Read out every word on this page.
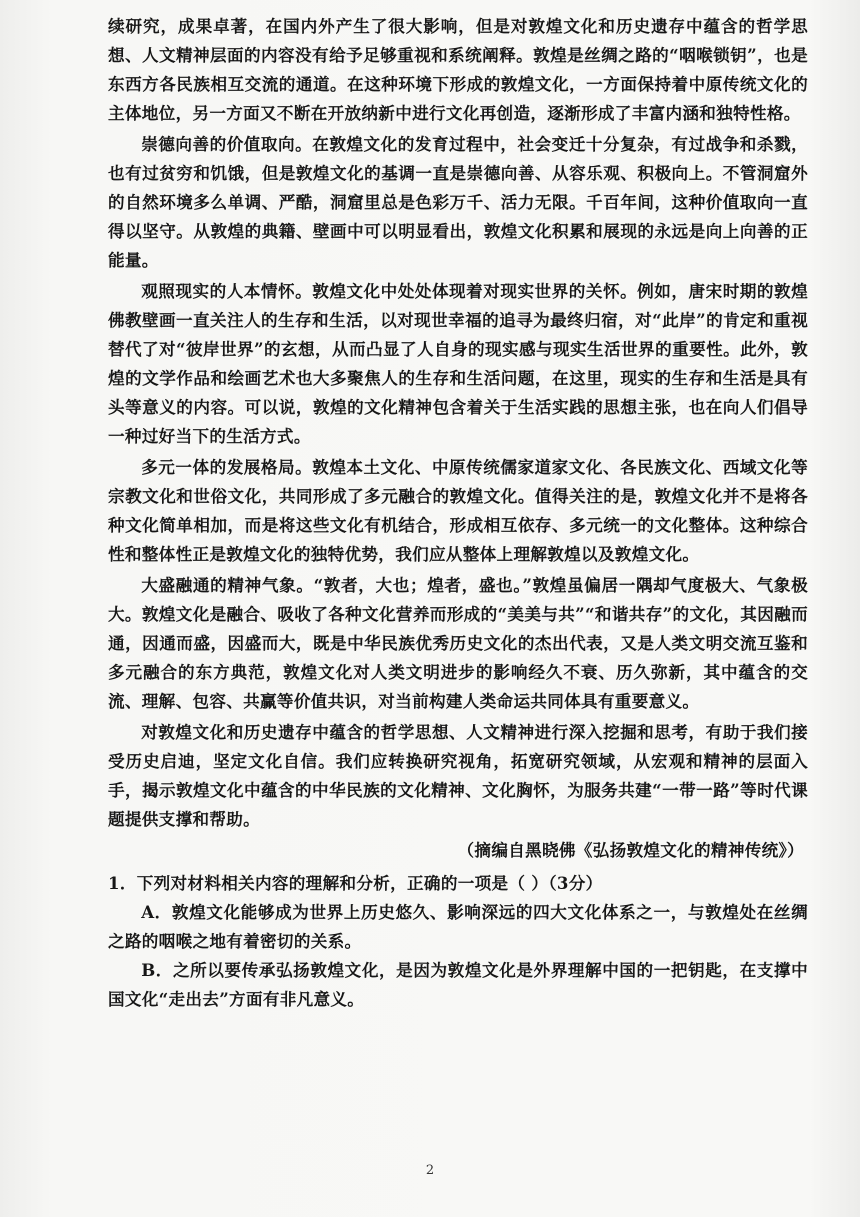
续研究，成果卓著，在国内外产生了很大影响，但是对敦煌文化和历史遗存中蕴含的哲学思想、人文精神层面的内容没有给予足够重视和系统阐释。敦煌是丝绸之路的“咽喉锁钥”，也是东西方各民族相互交流的通道。在这种环境下形成的敦煌文化，一方面保持着中原传统文化的主体地位，另一方面又不断在开放纳新中进行文化再创造，逐渐形成了丰富内涵和独特性格。

崇德向善的价值取向。在敦煌文化的发育过程中，社会变迁十分复杂，有过战争和杀戮，也有过贫穷和饥饿，但是敦煌文化的基调一直是崇德向善、从容乐观、积极向上。不管洞窟外的自然环境多么单调、严酷，洞窟里总是色彩万千、活力无限。千百年间，这种价值取向一直得以坚守。从敦煌的典籍、壁画中可以明显看出，敦煌文化积累和展现的永远是向上向善的正能量。

观照现实的人本情怀。敦煌文化中处处体现着对现实世界的关怀。例如，唐宋时期的敦煌佛教壁画一直关注人的生存和生活，以对现世幸福的追寻为最终归宿，对“此岸”的肯定和重视替代了对“彼岸世界”的玄想，从而凸显了人自身的现实感与现实生活世界的重要性。此外，敦煌的文学作品和绘画艺术也大多聚焦人的生存和生活问题，在这里，现实的生存和生活是具有头等意义的内容。可以说，敦煌的文化精神包含着关于生活实践的思想主张，也在向人们倡导一种过好当下的生活方式。

多元一体的发展格局。敦煌本土文化、中原传统儒家道家文化、各民族文化、西域文化等宗教文化和世俗文化，共同形成了多元融合的敦煌文化。值得关注的是，敦煌文化并不是将各种文化简单相加，而是将这些文化有机结合，形成相互依存、多元统一的文化整体。这种综合性和整体性正是敦煌文化的独特优势，我们应从整体上理解敦煌以及敦煌文化。

大盛融通的精神气象。“敦者，大也；煌者，盛也。”敦煌虽偏居一隅却气度极大、气象极大。敦煌文化是融合、吸收了各种文化营养而形成的“美美与共”“和谐共存”的文化，其因融而通，因通而盛，因盛而大，既是中华民族优秀历史文化的杰出代表，又是人类文明交流互鉴和多元融合的东方典范，敦煌文化对人类文明进步的影响经久不衰、历久弥新，其中蕴含的交流、理解、包容、共赢等价值共识，对当前构建人类命运共同体具有重要意义。

对敦煌文化和历史遗存中蕴含的哲学思想、人文精神进行深入挖掘和思考，有助于我们接受历史启迪，坚定文化自信。我们应转换研究视角，拓宽研究领域，从宏观和精神的层面入手，揭示敦煌文化中蕴含的中华民族的文化精神、文化胸怀，为服务共建“一带一路”等时代课题提供支撑和帮助。

（摘编自黑晓佛《弘扬敦煌文化的精神传统》）

1．下列对材料相关内容的理解和分析，正确的一项是（ ）（3分）

A．敦煌文化能够成为世界上历史悠久、影响深远的四大文化体系之一，与敦煌处在丝绸之路的咽喉之地有着密切的关系。

B．之所以要传承弘扬敦煌文化，是因为敦煌文化是外界理解中国的一把钥匙，在支撑中国文化“走出去”方面有非凡意义。

2
